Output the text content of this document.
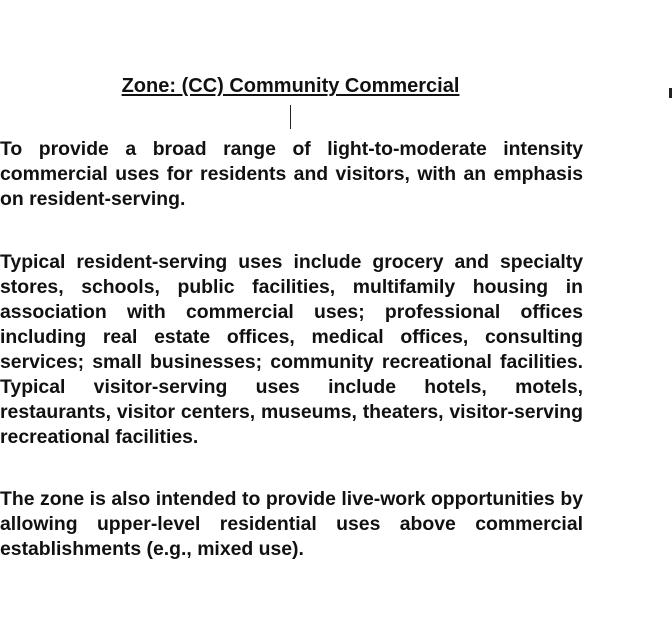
Zone: (CC) Community Commercial

To provide a broad range of light-to-moderate intensity commercial uses for residents and visitors, with an emphasis on resident-serving.

Typical resident-serving uses include grocery and specialty stores, schools, public facilities, multifamily housing in association with commercial uses; professional offices including real estate offices, medical offices, consulting services; small businesses; community recreational facilities. Typical visitor-serving uses include hotels, motels, restaurants, visitor centers, museums, theaters, visitor-serving recreational facilities.

The zone is also intended to provide live-work opportunities by allowing upper-level residential uses above commercial establishments (e.g., mixed use).
